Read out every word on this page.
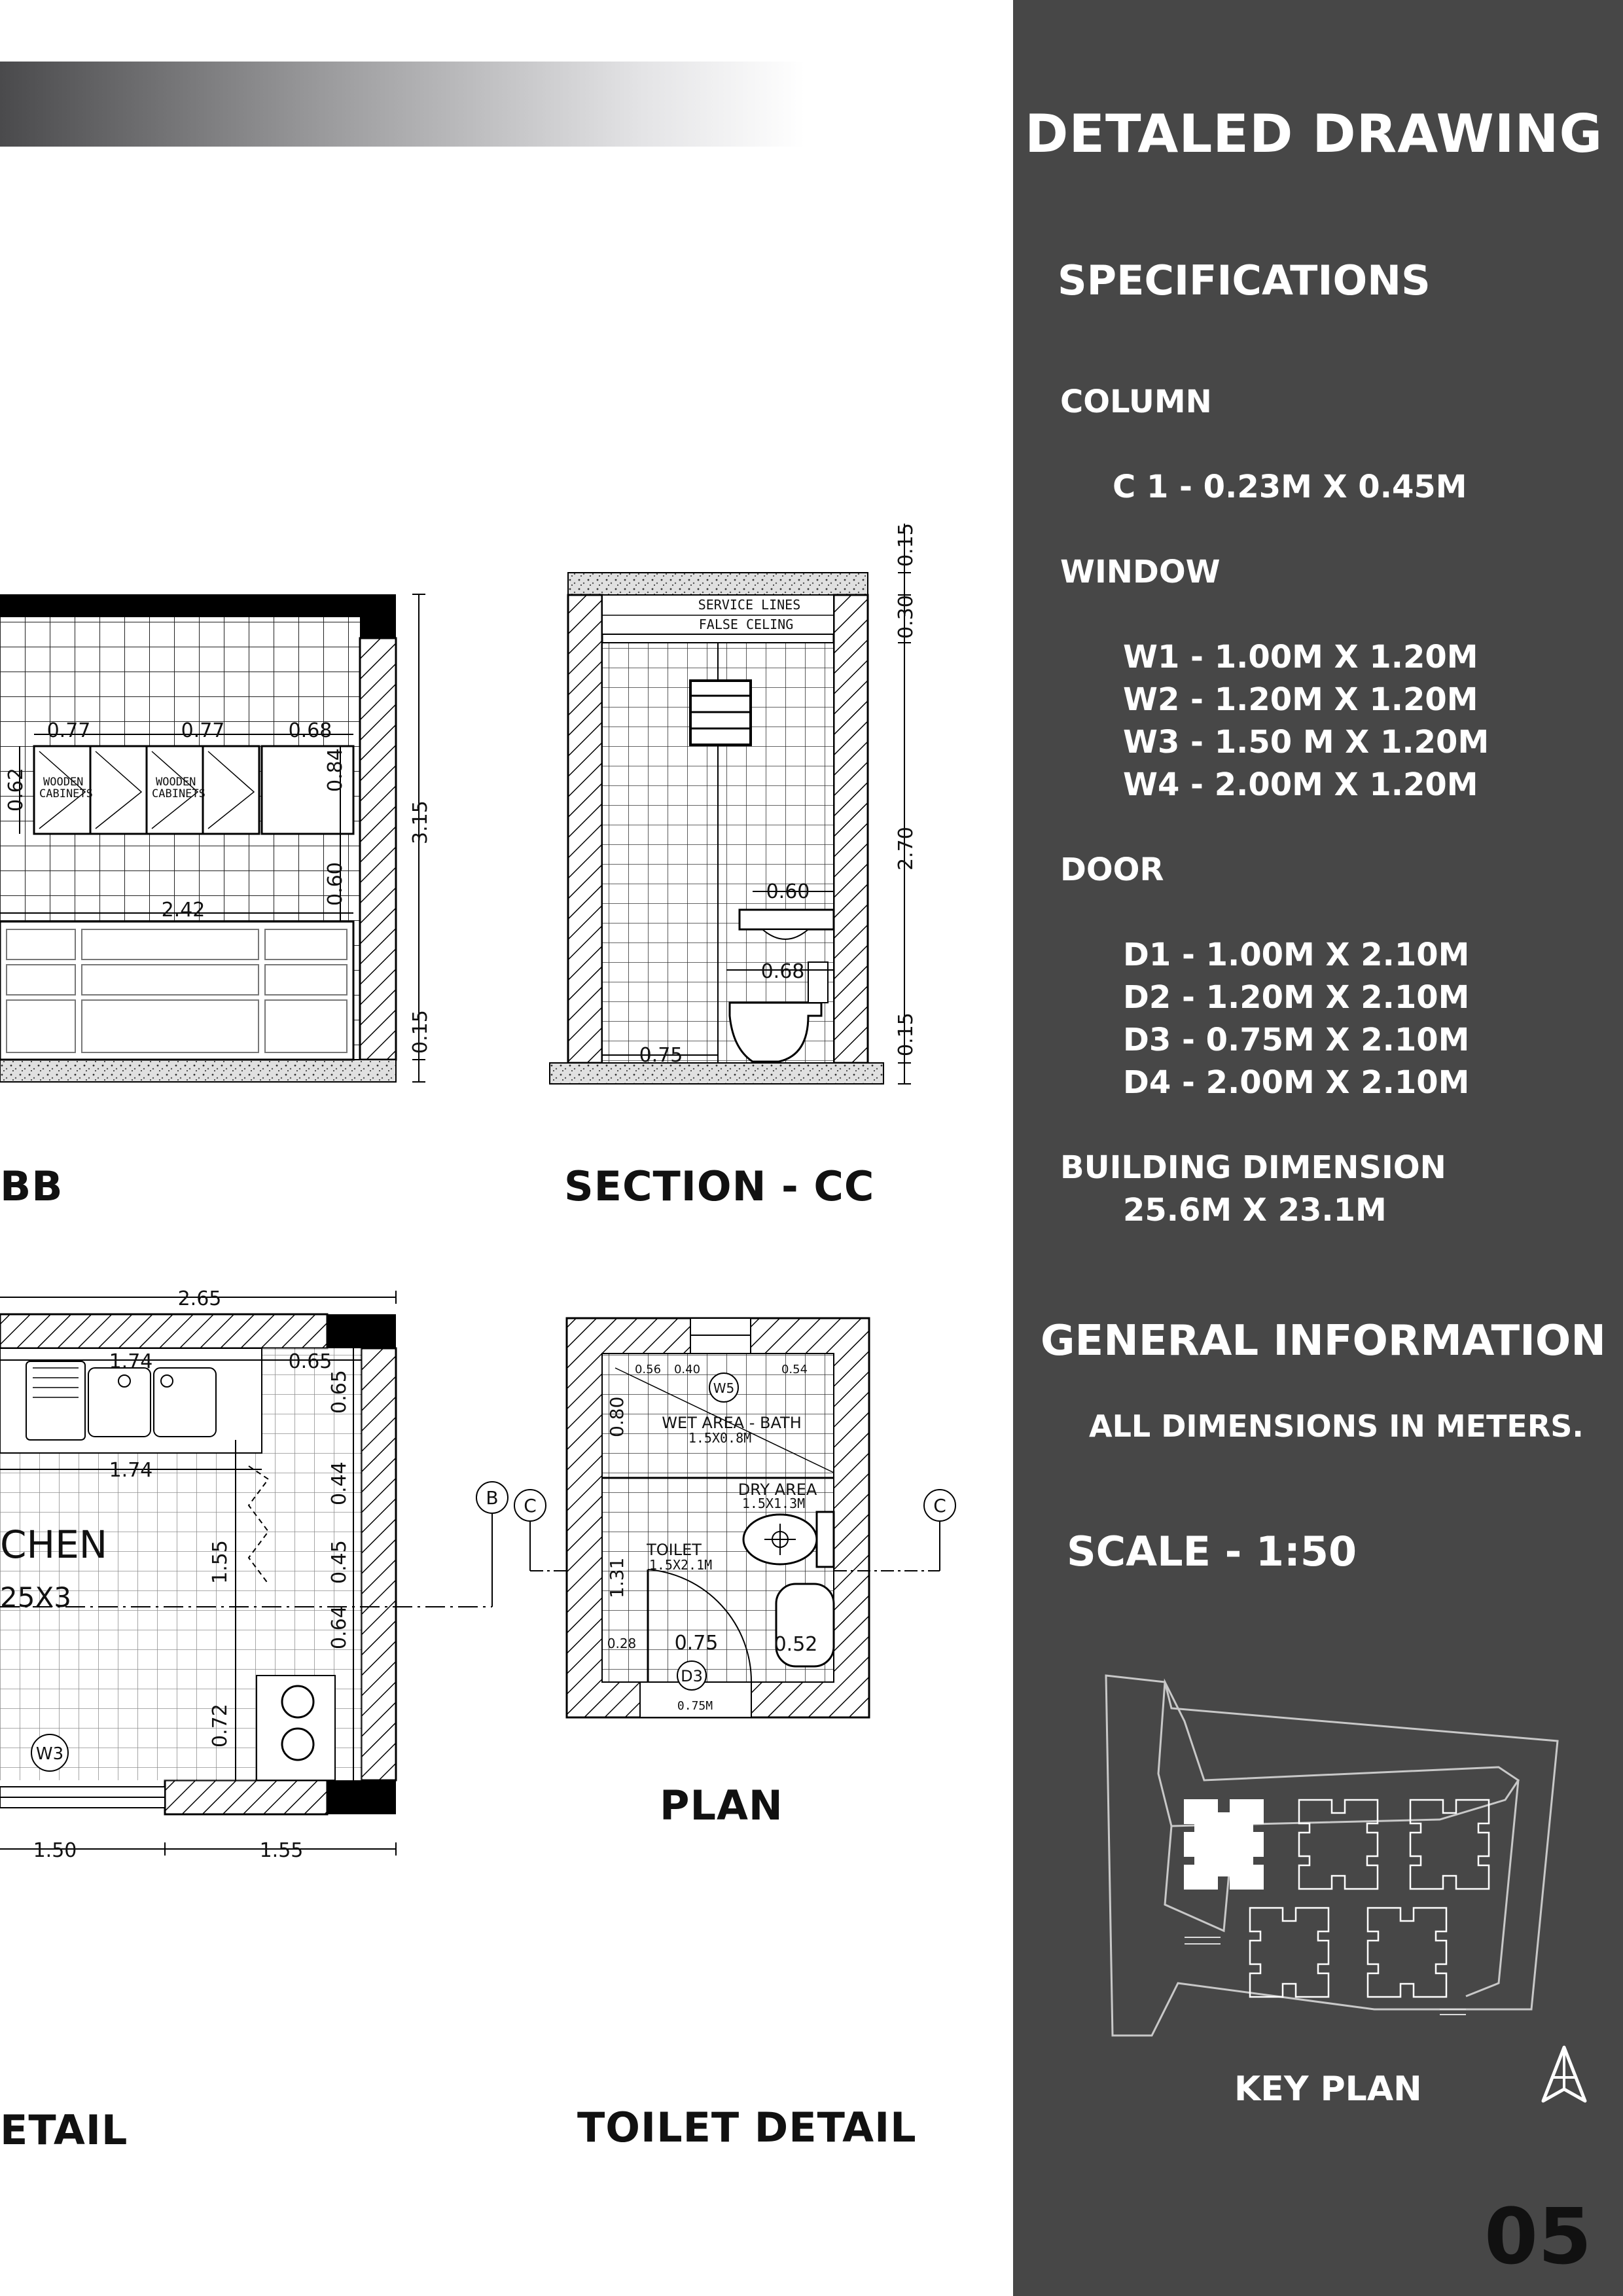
WOODEN
CABINETS
WOODEN
CABINETS
0.77	0.77	0.68
0.62	0.84
0.60
2.42
3.15
0.15
SERVICE LINES
FALSE CELING
0.15
0.30
2.70
0.15
0.60
0.68
0.75
B C
2.65
1.74	0.65
0.65
1.74	0.44
1.55	0.45
0.64
0.72
1.50	1.55
CHEN
25X3
W3
W5
D3
0.40
0.56	0.54
0.80
1.31
0.75	0.52
0.28
WET AREA - BATH
1.5X0.8M
DRY AREA
1.5X1.3M
TOILET
1.5X2.1M
0.75M
C
BB	SECTION - CC
PLAN
ETAIL	TOILET DETAIL
DETALED DRAWING
SPECIFICATIONS
COLUMN
C 1 - 0.23M X 0.45M
WINDOW
W1 - 1.00M X 1.20M
W2 - 1.20M X 1.20M
W3 - 1.50 M X 1.20M
W4 - 2.00M X 1.20M
DOOR
D1 - 1.00M X 2.10M
D2 - 1.20M X 2.10M
D3 - 0.75M X 2.10M
D4 - 2.00M X 2.10M
BUILDING DIMENSION
25.6M X 23.1M
GENERAL INFORMATION
ALL DIMENSIONS IN METERS.
SCALE - 1:50
KEY PLAN
05
